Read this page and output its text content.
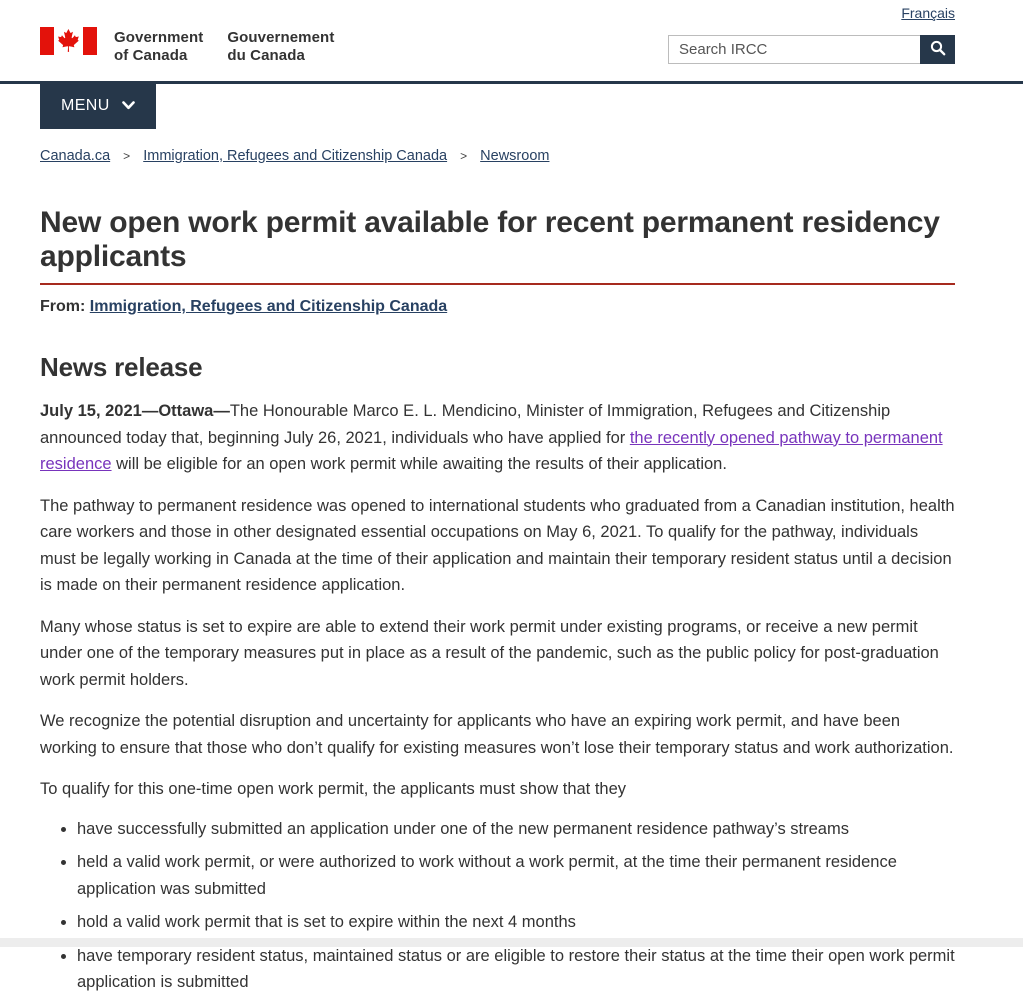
Français
Government
of Canada
Gouvernement
du Canada
Search IRCC
MENU
Canada.ca > Immigration, Refugees and Citizenship Canada > Newsroom
New open work permit available for recent permanent residency applicants
From: Immigration, Refugees and Citizenship Canada
News release

July 15, 2021—Ottawa—The Honourable Marco E. L. Mendicino, Minister of Immigration, Refugees and Citizenship announced today that, beginning July 26, 2021, individuals who have applied for the recently opened pathway to permanent residence will be eligible for an open work permit while awaiting the results of their application.

The pathway to permanent residence was opened to international students who graduated from a Canadian institution, health care workers and those in other designated essential occupations on May 6, 2021. To qualify for the pathway, individuals must be legally working in Canada at the time of their application and maintain their temporary resident status until a decision is made on their permanent residence application.

Many whose status is set to expire are able to extend their work permit under existing programs, or receive a new permit under one of the temporary measures put in place as a result of the pandemic, such as the public policy for post-graduation work permit holders.

We recognize the potential disruption and uncertainty for applicants who have an expiring work permit, and have been working to ensure that those who don’t qualify for existing measures won’t lose their temporary status and work authorization.

To qualify for this one-time open work permit, the applicants must show that they

• have successfully submitted an application under one of the new permanent residence pathway’s streams
• held a valid work permit, or were authorized to work without a work permit, at the time their permanent residence application was submitted
• hold a valid work permit that is set to expire within the next 4 months
• have temporary resident status, maintained status or are eligible to restore their status at the time their open work permit application is submitted
